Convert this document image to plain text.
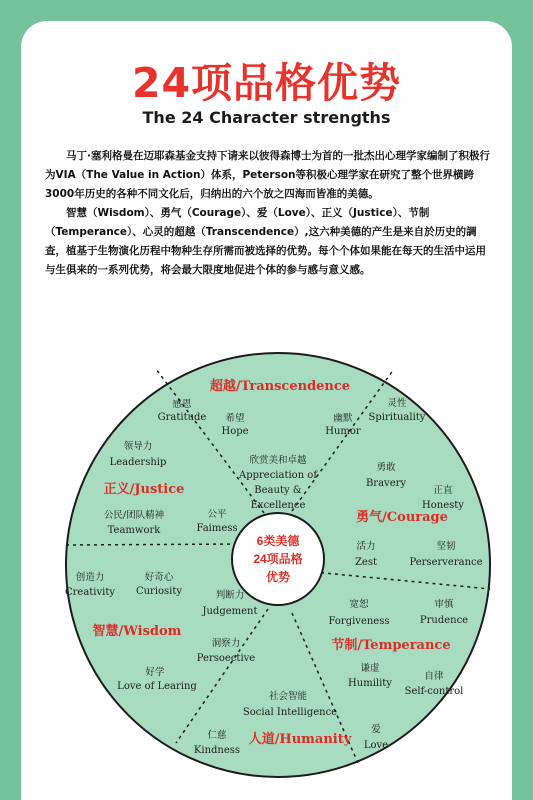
24项品格优势
The 24 Character strengths

马丁·塞利格曼在迈耶森基金支持下请来以彼得森博士为首的一批杰出心理学家编制了积极行为VIA（The Value in Action）体系，Peterson等积极心理学家在研究了整个世界横跨3000年历史的各种不同文化后，归纳出的六个放之四海而皆准的美德。

智慧（Wisdom）、勇气（Courage）、爱（Love）、正义（Justice）、节制（Temperance）、心灵的超越（Transcendence）,这六种美德的产生是来自於历史的調查，植基于生物演化历程中物种生存所需而被选择的优势。每个个体如果能在每天的生活中运用与生俱来的一系列优势，将会最大限度地促进个体的参与感与意义感。

6类美德
24项品格
优势
超越/Transcendence
正义/Justice
勇气/Courage
智慧/Wisdom
节制/Temperance
人道/Humanity
感恩
Gratitude 希望
Hope
幽默
Humor
灵性
Spirituality
领导力
Leadership	欣赏美和卓越
Appreciation of
Beauty &
Excellence
勇敢
Bravery
正直
Honesty
公民/团队精神
Teamwork
公平
Faimess
活力
Zest
坚韧
Perserverance
创造力
Creativity
好奇心
Curiosity	判断力
Judgement
宽恕
Forgiveness
审慎
Prudence
洞察力
Persoective
好学
Love of Learing
谦虚
Humility
自律
Self-control
社会智能
Social Intelligence
仁慈
Kindness
爱
Love
